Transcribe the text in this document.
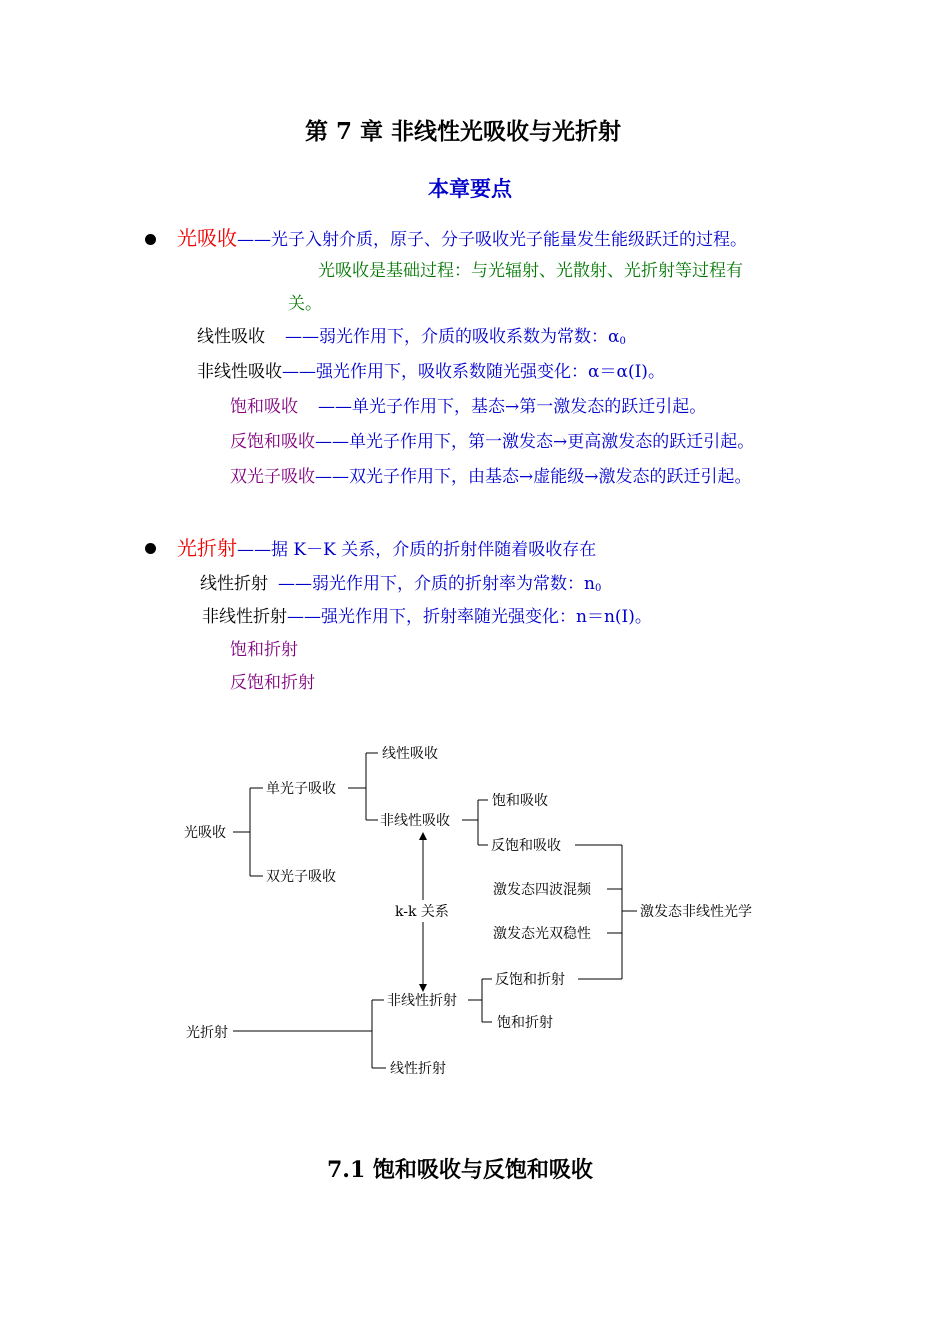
第 7 章 非线性光吸收与光折射
本章要点
光吸收——光子入射介质，原子、分子吸收光子能量发生能级跃迁的过程。
光吸收是基础过程：与光辐射、光散射、光折射等过程有
关。
线性吸收 ——弱光作用下，介质的吸收系数为常数：$\alpha_0$
非线性吸收——强光作用下，吸收系数随光强变化：α＝α(I)。
饱和吸收 ——单光子作用下，基态→第一激发态的跃迁引起。
反饱和吸收——单光子作用下，第一激发态→更高激发态的跃迁引起。
双光子吸收——双光子作用下，由基态→虚能级→激发态的跃迁引起。
光折射——据 K－K 关系，介质的折射伴随着吸收存在
线性折射 ——弱光作用下，介质的折射率为常数：$n_0$
非线性折射——强光作用下，折射率随光强变化：n＝n(I)。
饱和折射
反饱和折射
光吸收
单光子吸收
双光子吸收
线性吸收
非线性吸收
饱和吸收
反饱和吸收
k-k 关系
激发态四波混频
激发态光双稳性
激发态非线性光学
反饱和折射
饱和折射
光折射
非线性折射
线性折射
7.1 饱和吸收与反饱和吸收
